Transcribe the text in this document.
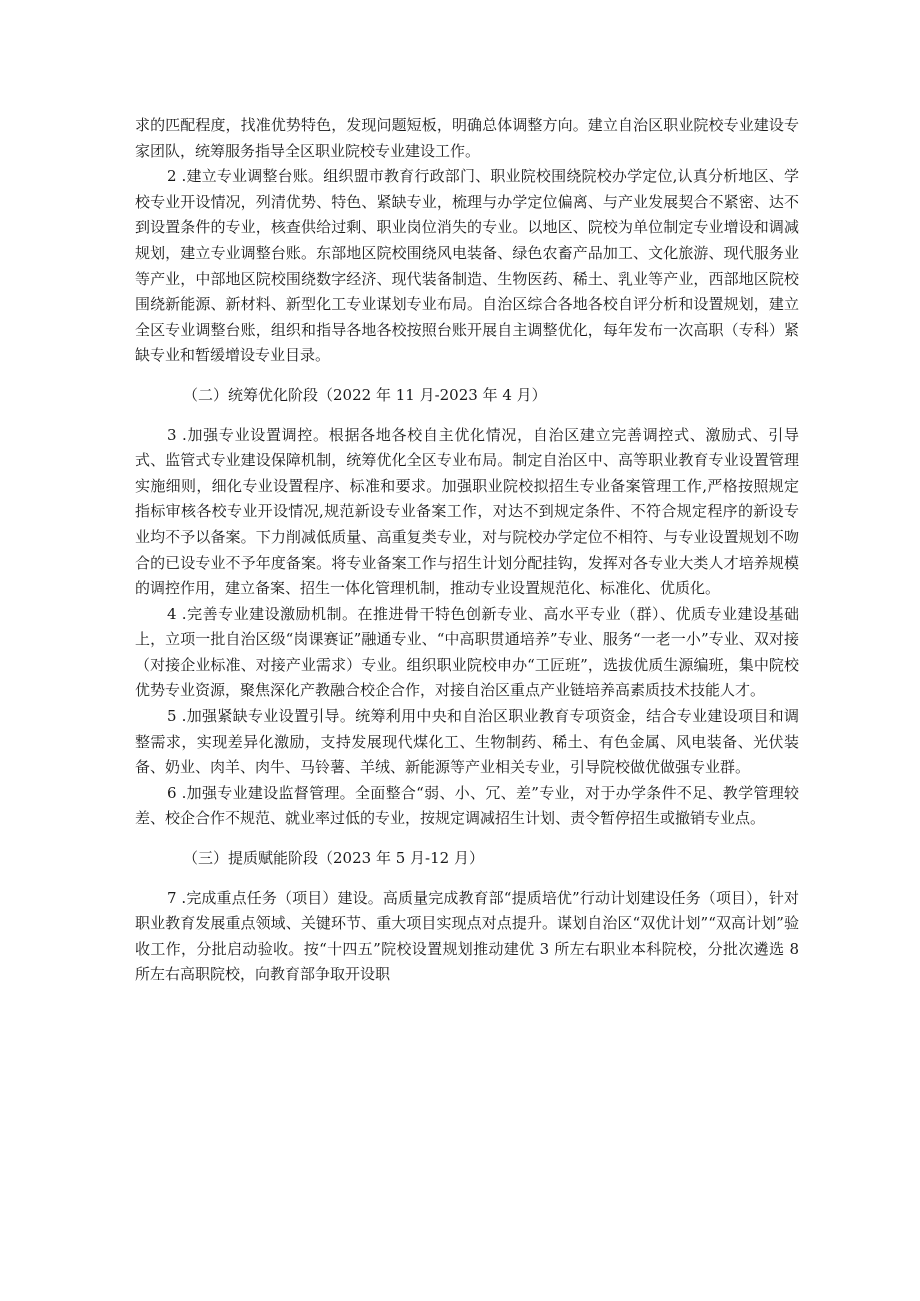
求的匹配程度，找准优势特色，发现问题短板，明确总体调整方向。建立自治区职业院校专业建设专家团队，统筹服务指导全区职业院校专业建设工作。

2 .建立专业调整台账。组织盟市教育行政部门、职业院校围绕院校办学定位,认真分析地区、学校专业开设情况，列清优势、特色、紧缺专业，梳理与办学定位偏离、与产业发展契合不紧密、达不到设置条件的专业，核查供给过剩、职业岗位消失的专业。以地区、院校为单位制定专业增设和调减规划，建立专业调整台账。东部地区院校围绕风电装备、绿色农畜产品加工、文化旅游、现代服务业等产业，中部地区院校围绕数字经济、现代装备制造、生物医药、稀土、乳业等产业，西部地区院校围绕新能源、新材料、新型化工专业谋划专业布局。自治区综合各地各校自评分析和设置规划，建立全区专业调整台账，组织和指导各地各校按照台账开展自主调整优化，每年发布一次高职（专科）紧缺专业和暂缓增设专业目录。

（二）统筹优化阶段（2022 年 11 月-2023 年 4 月）

3 .加强专业设置调控。根据各地各校自主优化情况，自治区建立完善调控式、激励式、引导式、监管式专业建设保障机制，统筹优化全区专业布局。制定自治区中、高等职业教育专业设置管理实施细则，细化专业设置程序、标准和要求。加强职业院校拟招生专业备案管理工作,严格按照规定指标审核各校专业开设情况,规范新设专业备案工作，对达不到规定条件、不符合规定程序的新设专业均不予以备案。下力削减低质量、高重复类专业，对与院校办学定位不相符、与专业设置规划不吻合的已设专业不予年度备案。将专业备案工作与招生计划分配挂钩，发挥对各专业大类人才培养规模的调控作用，建立备案、招生一体化管理机制，推动专业设置规范化、标准化、优质化。

4 .完善专业建设激励机制。在推进骨干特色创新专业、高水平专业（群）、优质专业建设基础上，立项一批自治区级“岗课赛证”融通专业、“中高职贯通培养”专业、服务“一老一小”专业、双对接（对接企业标准、对接产业需求）专业。组织职业院校申办“工匠班”，选拔优质生源编班，集中院校优势专业资源，聚焦深化产教融合校企合作，对接自治区重点产业链培养高素质技术技能人才。

5 .加强紧缺专业设置引导。统筹利用中央和自治区职业教育专项资金，结合专业建设项目和调整需求，实现差异化激励，支持发展现代煤化工、生物制药、稀土、有色金属、风电装备、光伏装备、奶业、肉羊、肉牛、马铃薯、羊绒、新能源等产业相关专业，引导院校做优做强专业群。

6 .加强专业建设监督管理。全面整合“弱、小、冗、差”专业，对于办学条件不足、教学管理较差、校企合作不规范、就业率过低的专业，按规定调减招生计划、责令暂停招生或撤销专业点。

（三）提质赋能阶段（2023 年 5 月-12 月）

7 .完成重点任务（项目）建设。高质量完成教育部“提质培优”行动计划建设任务（项目），针对职业教育发展重点领域、关键环节、重大项目实现点对点提升。谋划自治区“双优计划”“双高计划”验收工作，分批启动验收。按“十四五”院校设置规划推动建优 3 所左右职业本科院校，分批次遴选 8 所左右高职院校，向教育部争取开设职
